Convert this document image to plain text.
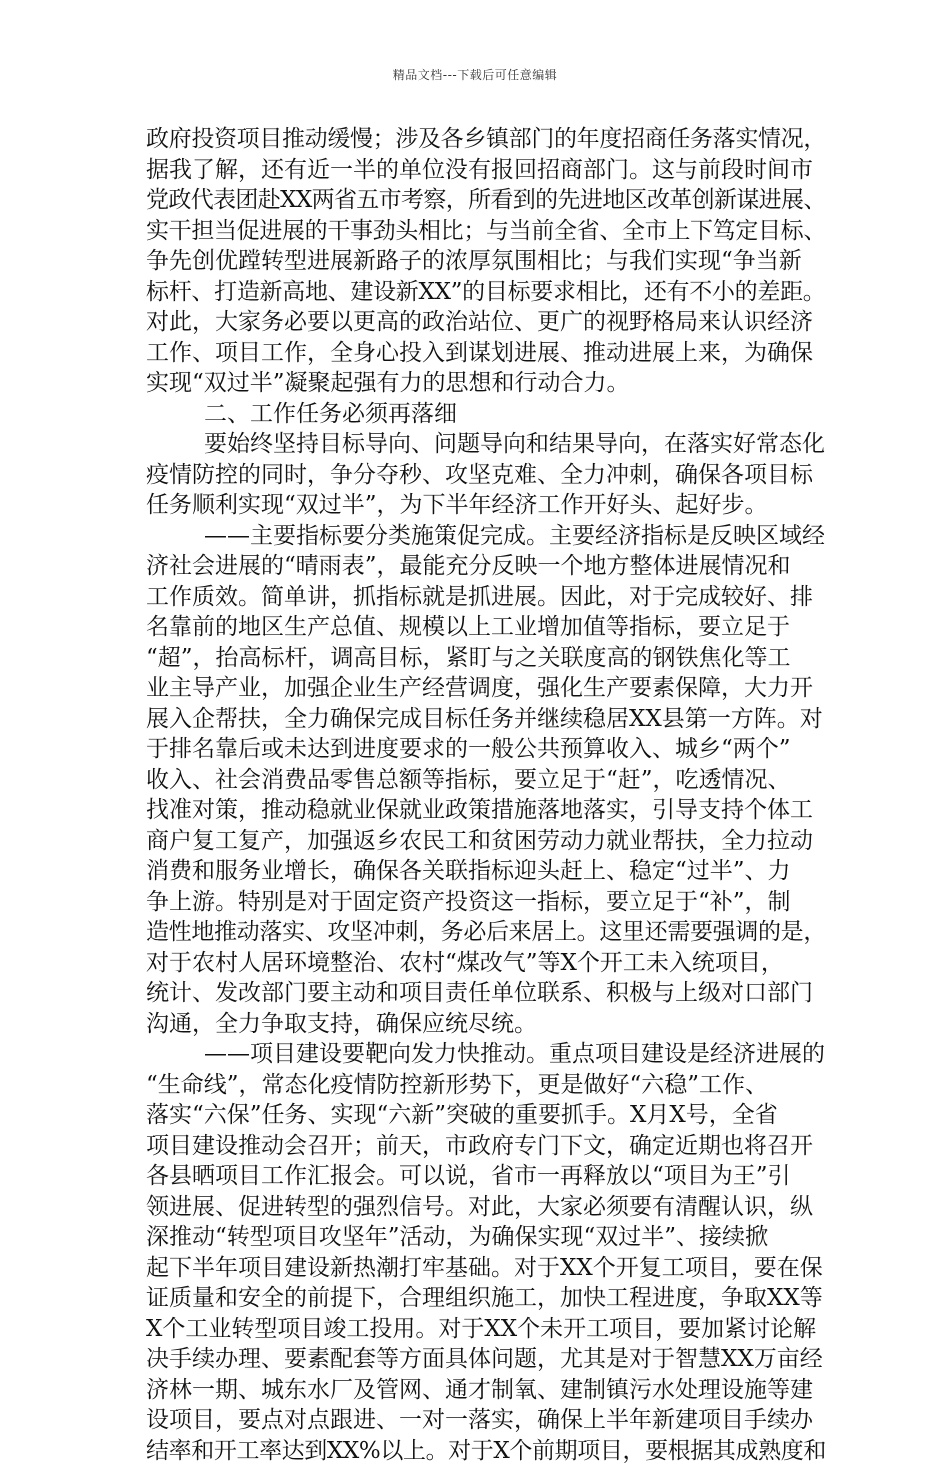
精品文档---下载后可任意编辑
政府投资项目推动缓慢；涉及各乡镇部门的年度招商任务落实情况，
据我了解，还有近一半的单位没有报回招商部门。这与前段时间市
党政代表团赴XX两省五市考察，所看到的先进地区改革创新谋进展、
实干担当促进展的干事劲头相比；与当前全省、全市上下笃定目标、
争先创优蹚转型进展新路子的浓厚氛围相比；与我们实现“争当新
标杆、打造新高地、建设新XX”的目标要求相比，还有不小的差距。
对此，大家务必要以更高的政治站位、更广的视野格局来认识经济
工作、项目工作，全身心投入到谋划进展、推动进展上来，为确保
实现“双过半”凝聚起强有力的思想和行动合力。
二、工作任务必须再落细
要始终坚持目标导向、问题导向和结果导向，在落实好常态化
疫情防控的同时，争分夺秒、攻坚克难、全力冲刺，确保各项目标
任务顺利实现“双过半”，为下半年经济工作开好头、起好步。
——主要指标要分类施策促完成。主要经济指标是反映区域经
济社会进展的“晴雨表”，最能充分反映一个地方整体进展情况和
工作质效。简单讲，抓指标就是抓进展。因此，对于完成较好、排
名靠前的地区生产总值、规模以上工业增加值等指标，要立足于
“超”，抬高标杆，调高目标，紧盯与之关联度高的钢铁焦化等工
业主导产业，加强企业生产经营调度，强化生产要素保障，大力开
展入企帮扶，全力确保完成目标任务并继续稳居XX县第一方阵。对
于排名靠后或未达到进度要求的一般公共预算收入、城乡“两个”
收入、社会消费品零售总额等指标，要立足于“赶”，吃透情况、
找准对策，推动稳就业保就业政策措施落地落实，引导支持个体工
商户复工复产，加强返乡农民工和贫困劳动力就业帮扶，全力拉动
消费和服务业增长，确保各关联指标迎头赶上、稳定“过半”、力
争上游。特别是对于固定资产投资这一指标，要立足于“补”，制
造性地推动落实、攻坚冲刺，务必后来居上。这里还需要强调的是，
对于农村人居环境整治、农村“煤改气”等X个开工未入统项目，
统计、发改部门要主动和项目责任单位联系、积极与上级对口部门
沟通，全力争取支持，确保应统尽统。
——项目建设要靶向发力快推动。重点项目建设是经济进展的
“生命线”，常态化疫情防控新形势下，更是做好“六稳”工作、
落实“六保”任务、实现“六新”突破的重要抓手。X月X号，全省
项目建设推动会召开；前天，市政府专门下文，确定近期也将召开
各县晒项目工作汇报会。可以说，省市一再释放以“项目为王”引
领进展、促进转型的强烈信号。对此，大家必须要有清醒认识，纵
深推动“转型项目攻坚年”活动，为确保实现“双过半”、接续掀
起下半年项目建设新热潮打牢基础。对于XX个开复工项目，要在保
证质量和安全的前提下，合理组织施工，加快工程进度，争取XX等
X个工业转型项目竣工投用。对于XX个未开工项目，要加紧讨论解
决手续办理、要素配套等方面具体问题，尤其是对于智慧XX万亩经
济林一期、城东水厂及管网、通才制氧、建制镇污水处理设施等建
设项目，要点对点跟进、一对一落实，确保上半年新建项目手续办
结率和开工率达到XX%以上。对于X个前期项目，要根据其成熟度和
